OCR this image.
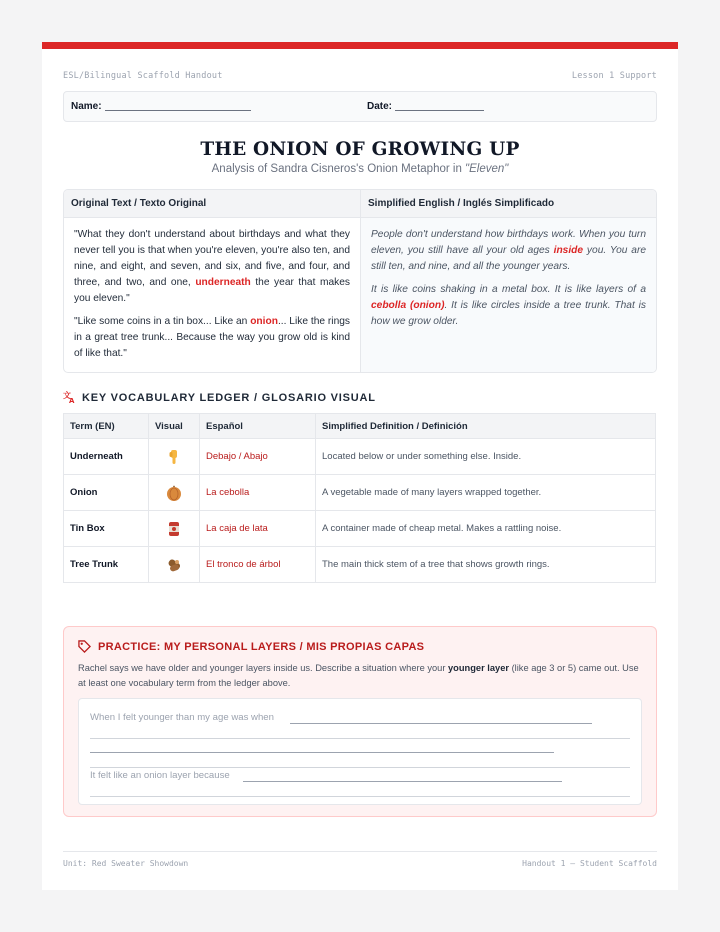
ESL/Bilingual Scaffold Handout	Lesson 1 Support
Name:	Date:
THE ONION OF GROWING UP
Analysis of Sandra Cisneros's Onion Metaphor in "Eleven"
Original Text / Texto Original

"What they don't understand about birthdays and what they never tell you is that when you're eleven, you're also ten, and nine, and eight, and seven, and six, and five, and four, and three, and two, and one, underneath the year that makes you eleven."

"Like some coins in a tin box... Like an onion... Like the rings in a great tree trunk... Because the way you grow old is kind of like that."

Simplified English / Inglés Simplificado

People don't understand how birthdays work. When you turn eleven, you still have all your old ages inside you. You are still ten, and nine, and all the younger years.

It is like coins shaking in a metal box. It is like layers of a cebolla (onion). It is like circles inside a tree trunk. That is how we grow older.

文
A KEY VOCABULARY LEDGER / GLOSARIO VISUAL
Term (EN)	Visual	Español	Simplified Definition / Definición
Underneath		Debajo / Abajo	Located below or under something else. Inside.
Onion		La cebolla	A vegetable made of many layers wrapped together.
Tin Box		La caja de lata	A container made of cheap metal. Makes a rattling noise.
Tree Trunk		El tronco de árbol	The main thick stem of a tree that shows growth rings.
PRACTICE: MY PERSONAL LAYERS / MIS PROPIAS CAPAS
Rachel says we have older and younger layers inside us. Describe a situation where your younger layer (like age 3 or 5) came out. Use at least one vocabulary term from the ledger above.
When I felt younger than my age was when
It felt like an onion layer because
Unit: Red Sweater Showdown	Handout 1 — Student Scaffold
